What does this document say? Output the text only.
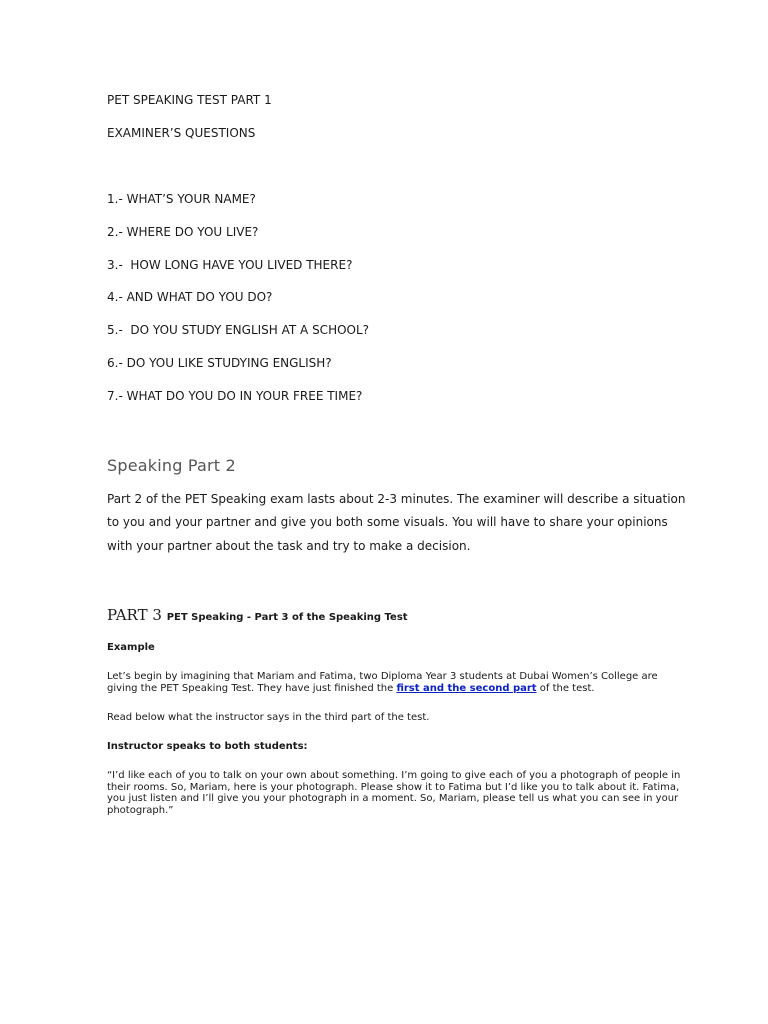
PET SPEAKING TEST PART 1
EXAMINER’S QUESTIONS
1.- WHAT’S YOUR NAME?
2.- WHERE DO YOU LIVE?
3.-  HOW LONG HAVE YOU LIVED THERE?
4.- AND WHAT DO YOU DO?
5.-  DO YOU STUDY ENGLISH AT A SCHOOL?
6.- DO YOU LIKE STUDYING ENGLISH?
7.- WHAT DO YOU DO IN YOUR FREE TIME?
Speaking Part 2
Part 2 of the PET Speaking exam lasts about 2-3 minutes. The examiner will describe a situation
to you and your partner and give you both some visuals. You will have to share your opinions
with your partner about the task and try to make a decision.
PART 3 PET Speaking - Part 3 of the Speaking Test
Example
Let’s begin by imagining that Mariam and Fatima, two Diploma Year 3 students at Dubai Women’s College are giving the PET Speaking Test. They have just finished the first and the second part of the test.
Read below what the instructor says in the third part of the test.
Instructor speaks to both students:
“I’d like each of you to talk on your own about something. I’m going to give each of you a photograph of people in
their rooms. So, Mariam, here is your photograph. Please show it to Fatima but I’d like you to talk about it. Fatima,
you just listen and I’ll give you your photograph in a moment. So, Mariam, please tell us what you can see in your
photograph.”
